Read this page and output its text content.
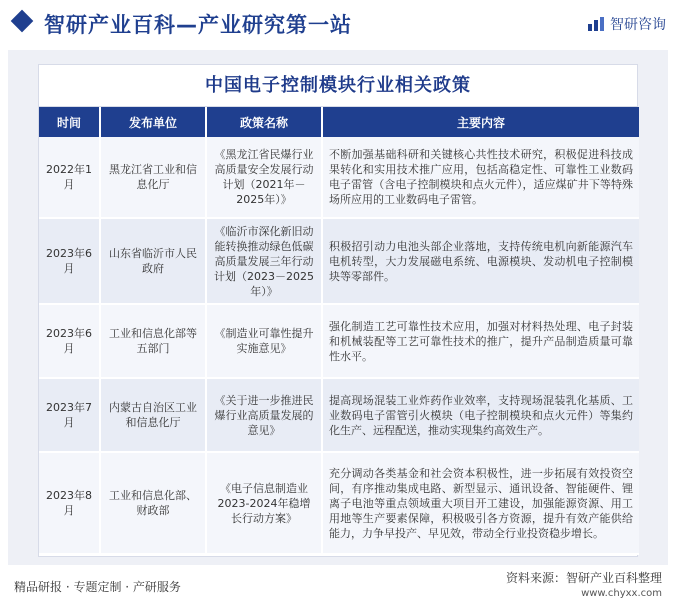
智研产业百科—产业研究第一站	智研咨询
中国电子控制模块行业相关政策
时间	发布单位	政策名称	主要内容
2022年1月	黑龙江省工业和信息化厅	《黑龙江省民爆行业高质量安全发展行动计划（2021年－2025年）》	不断加强基础科研和关键核心共性技术研究，积极促进科技成果转化和实用技术推广应用，包括高稳定性、可靠性工业数码电子雷管（含电子控制模块和点火元件），适应煤矿井下等特殊场所应用的工业数码电子雷管。
2023年6月	山东省临沂市人民政府	《临沂市深化新旧动能转换推动绿色低碳高质量发展三年行动计划（2023－2025年）》	积极招引动力电池头部企业落地，支持传统电机向新能源汽车电机转型，大力发展磁电系统、电源模块、发动机电子控制模块等零部件。
2023年6月	工业和信息化部等五部门	《制造业可靠性提升实施意见》	强化制造工艺可靠性技术应用，加强对材料热处理、电子封装和机械装配等工艺可靠性技术的推广，提升产品制造质量可靠性水平。
2023年7月	内蒙古自治区工业和信息化厅	《关于进一步推进民爆行业高质量发展的意见》	提高现场混装工业炸药作业效率，支持现场混装乳化基质、工业数码电子雷管引火模块（电子控制模块和点火元件）等集约化生产、远程配送，推动实现集约高效生产。
2023年8月	工业和信息化部、财政部	《电子信息制造业2023-2024年稳增长行动方案》	充分调动各类基金和社会资本积极性，进一步拓展有效投资空间，有序推动集成电路、新型显示、通讯设备、智能硬件、锂离子电池等重点领域重大项目开工建设，加强能源资源、用工用地等生产要素保障，积极吸引各方资源，提升有效产能供给能力，力争早投产、早见效，带动全行业投资稳步增长。
精品研报 · 专题定制 · 产研服务
资料来源：智研产业百科整理
www.chyxx.com
